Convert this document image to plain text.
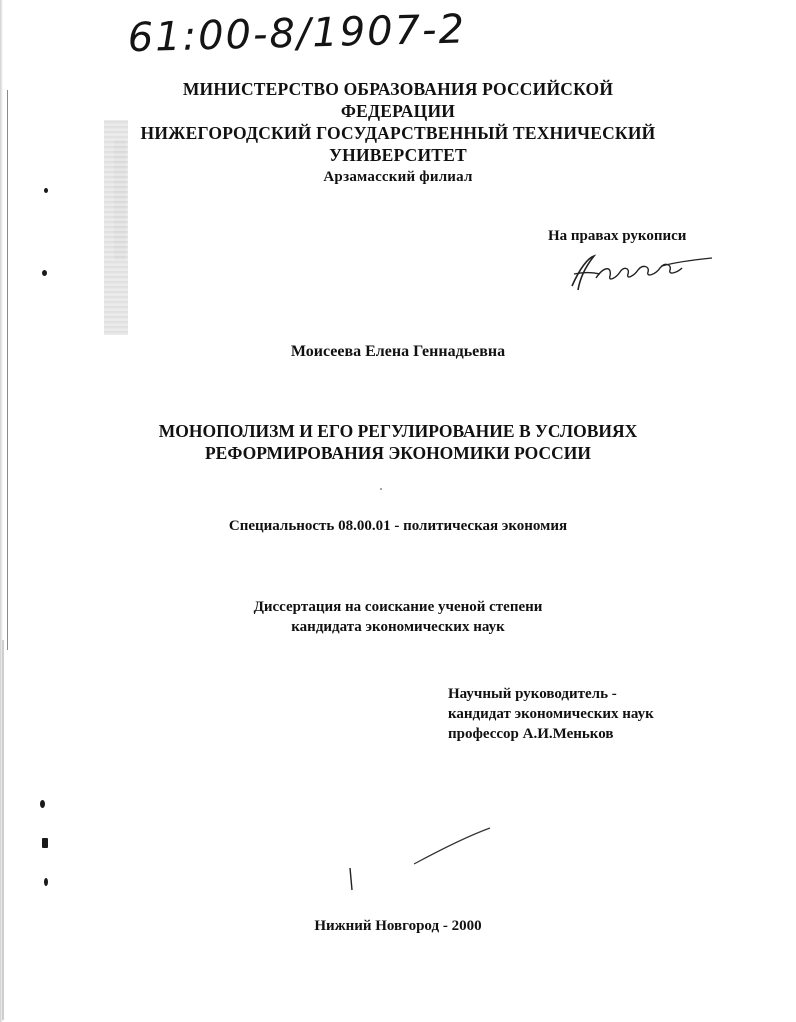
61:00-8/1907-2
МИНИСТЕРСТВО ОБРАЗОВАНИЯ РОССИЙСКОЙ
ФЕДЕРАЦИИ
НИЖЕГОРОДСКИЙ ГОСУДАРСТВЕННЫЙ ТЕХНИЧЕСКИЙ
УНИВЕРСИТЕТ
Арзамасский филиал
На правах рукописи
Моисеева Елена Геннадьевна
МОНОПОЛИЗМ И ЕГО РЕГУЛИРОВАНИЕ В УСЛОВИЯХ
РЕФОРМИРОВАНИЯ ЭКОНОМИКИ РОССИИ
Специальность 08.00.01 - политическая экономия
Диссертация на соискание ученой степени
кандидата экономических наук
Научный руководитель -
кандидат экономических наук
профессор А.И.Меньков
Нижний Новгород - 2000
